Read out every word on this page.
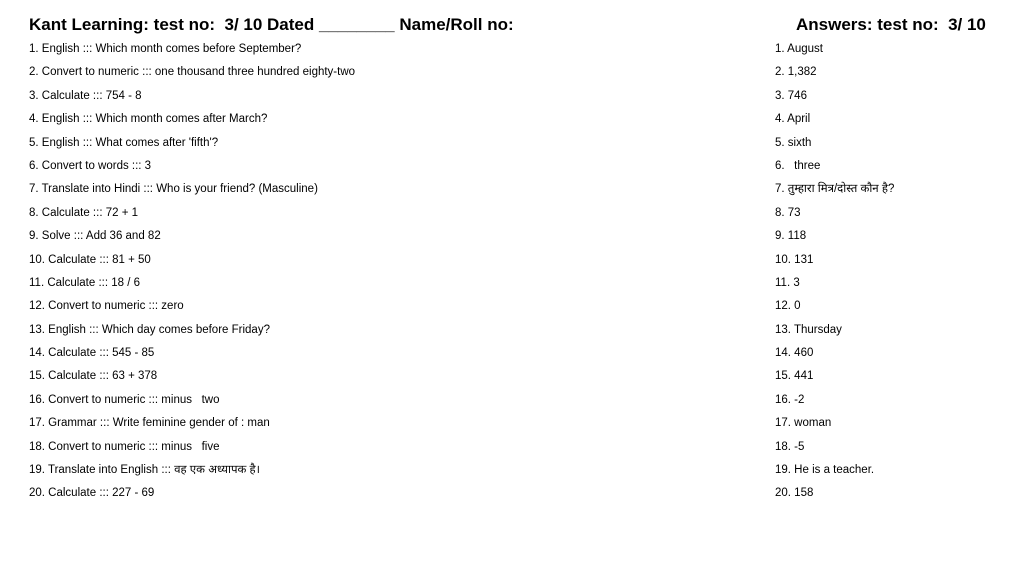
Kant Learning: test no:  3/ 10 Dated ________ Name/Roll no:	Answers: test no:  3/ 10
1. English ::: Which month comes before September?
2. Convert to numeric ::: one thousand three hundred eighty-two
3. Calculate ::: 754 - 8
4. English ::: Which month comes after March?
5. English ::: What comes after 'fifth'?
6. Convert to words ::: 3
7. Translate into Hindi ::: Who is your friend? (Masculine)
8. Calculate ::: 72 + 1
9. Solve ::: Add 36 and 82
10. Calculate ::: 81 + 50
11. Calculate ::: 18 / 6
12. Convert to numeric ::: zero
13. English ::: Which day comes before Friday?
14. Calculate ::: 545 - 85
15. Calculate ::: 63 + 378
16. Convert to numeric ::: minus   two
17. Grammar ::: Write feminine gender of : man
18. Convert to numeric ::: minus   five
19. Translate into English ::: वह एक अध्यापक है।
20. Calculate ::: 227 - 69
1. August
2. 1,382
3. 746
4. April
5. sixth
6.   three
7. तुम्हारा मित्र/दोस्त कौन है?
8. 73
9. 118
10. 131
11. 3
12. 0
13. Thursday
14. 460
15. 441
16. -2
17. woman
18. -5
19. He is a teacher.
20. 158
